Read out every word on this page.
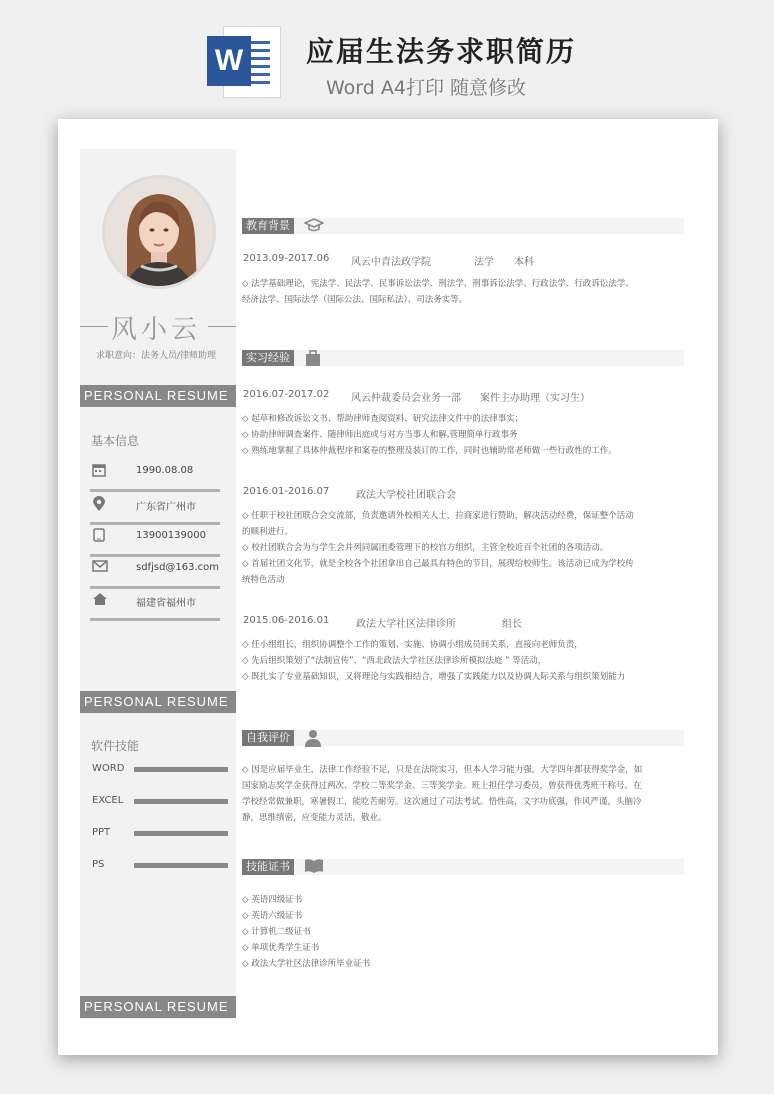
W 应届生法务求职简历
Word A4打印 随意修改
风小云
求职意向：法务人员/律师助理
PERSONAL RESUME
基本信息
1990.08.08
广东省广州市
13900139000
sdfjsd@163.com
福建省福州市
PERSONAL RESUME
软件技能
WORD
EXCEL
PPT
PS
PERSONAL RESUME
教育背景
2013.09-2017.06 风云中青法政学院	法学 本科
◇ 法学基础理论，宪法学、民法学、民事诉讼法学、刑法学、刑事诉讼法学、行政法学、行政诉讼法学、
经济法学、国际法学（国际公法、国际私法）、司法务实等。
实习经验
2016.07-2017.02 风云仲裁委员会业务一部 案件主办助理（实习生）
◇ 起草和修改诉讼文书、帮助律师查阅资料、研究法律文件中的法律事实；
◇ 协助律师调查案件、随律师出庭或与对方当事人和解,管理简单行政事务
◇ 熟练地掌握了具体仲裁程序和案卷的整理及装订的工作，同时也辅助常老师做一些行政性的工作。
2016.01-2016.07	政法大学校社团联合会
◇ 任职于校社团联合会交流部，负责邀请外校相关人士，拉商家进行赞助，解决活动经费，保证整个活动
的顺利进行。
◇ 校社团联合会为与学生会并列同属团委管理下的校官方组织，主管全校近百个社团的各项活动。
◇ 首届社团文化节，就是全校各个社团拿出自己最具有特色的节目，展现给校师生。该活动已成为学校传
统特色活动
2015.06-2016.01	政法大学社区法律诊所	组长
◇ 任小组组长，组织协调整个工作的策划、实施、协调小组成员间关系，直接向老师负责，
◇ 先后组织策划了“法制宣传”、“西北政法大学社区法律诊所模拟法庭 ” 等活动，
◇ 既扎实了专业基础知识，又将理论与实践相结合，增强了实践能力以及协调人际关系与组织策划能力
自我评价
◇ 因是应届毕业生，法律工作经验不足，只是在法院实习，但本人学习能力强，大学四年都获得奖学金，如
国家励志奖学金获得过两次、学校二等奖学金、三等奖学金。班上担任学习委员，曾获得优秀班干称号。在
学校经常做兼职，寒暑假工，能吃苦耐劳。这次通过了司法考试。悟性高，文字功底强，作风严谨，头脑冷
静，思维缜密，应变能力灵活，敬业。
技能证书
◇ 英语四级证书
◇ 英语六级证书
◇ 计算机二级证书
◇ 单项优秀学生证书
◇ 政法大学社区法律诊所毕业证书
